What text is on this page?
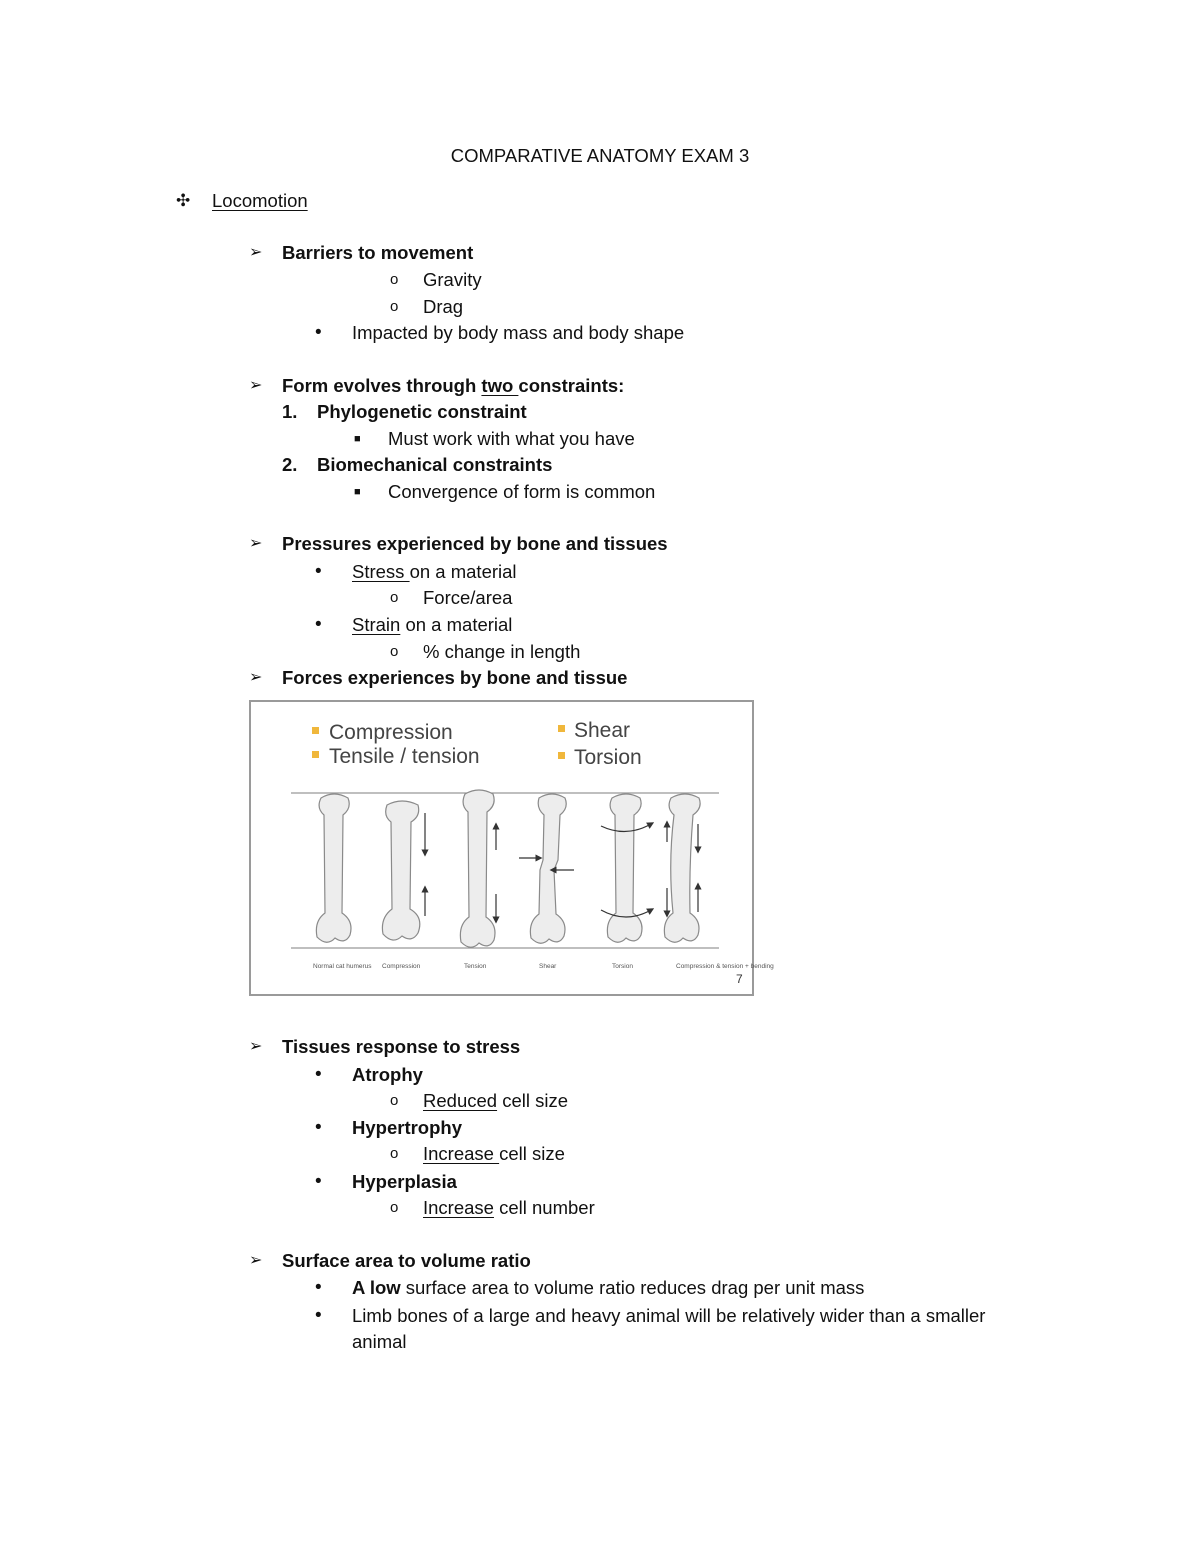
COMPARATIVE ANATOMY EXAM 3
✣ Locomotion
➢ Barriers to movement
o Gravity
o Drag
• Impacted by body mass and body shape
➢ Form evolves through two constraints:
1. Phylogenetic constraint
■ Must work with what you have
2. Biomechanical constraints
■ Convergence of form is common
➢ Pressures experienced by bone and tissues
• Stress on a material
o Force/area
• Strain on a material
o % change in length
➢ Forces experiences by bone and tissue
Compression
Tensile / tension
Shear
Torsion
Normal cat humerus Compression	Tension	Shear	Torsion	Compression & tension + bending
7
➢ Tissues response to stress
• Atrophy
o Reduced cell size
• Hypertrophy
o Increase cell size
• Hyperplasia
o Increase cell number
➢ Surface area to volume ratio
• A low surface area to volume ratio reduces drag per unit mass
• Limb bones of a large and heavy animal will be relatively wider than a smaller
animal
